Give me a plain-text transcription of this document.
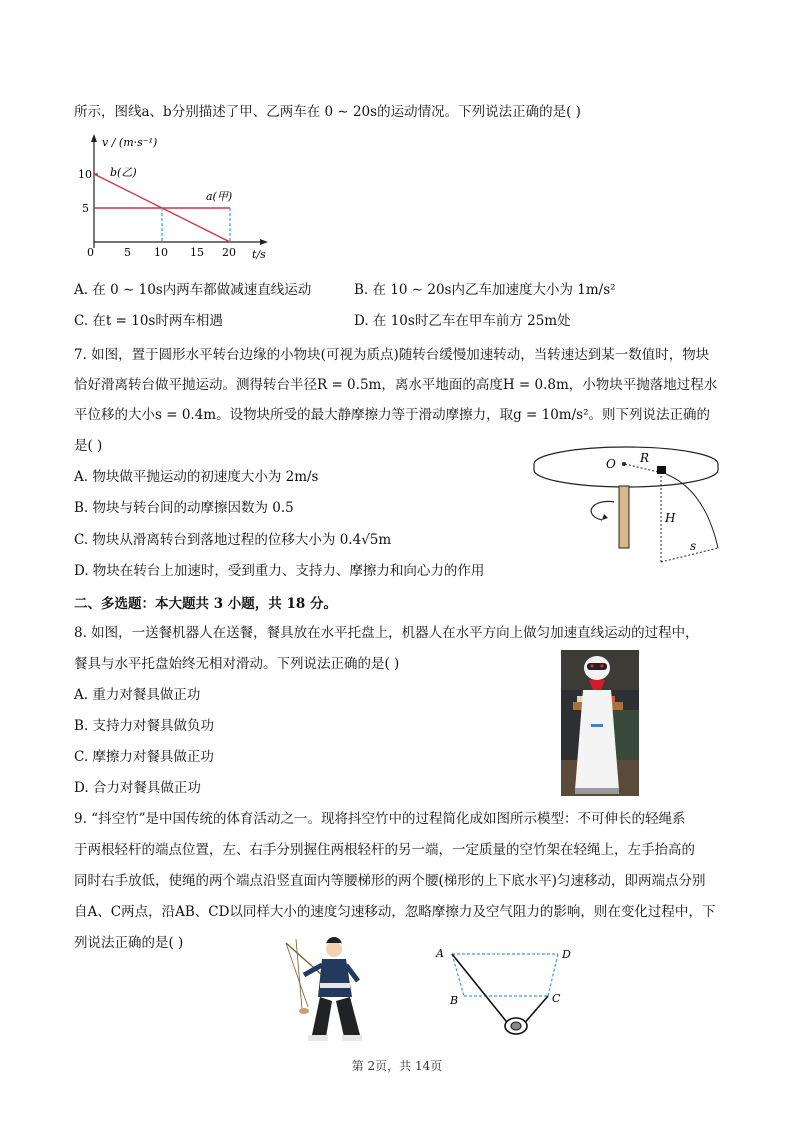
所示，图线a、b分别描述了甲、乙两车在 0 ∼ 20s的运动情况。下列说法正确的是( )
v / (m·s⁻¹)
t/s
10
5
0	5 10 15 20
b(乙)
a(甲)
A. 在 0 ∼ 10s内两车都做减速直线运动	B. 在 10 ∼ 20s内乙车加速度大小为 1m/s²
C. 在t = 10s时两车相遇	D. 在 10s时乙车在甲车前方 25m处
7. 如图，置于圆形水平转台边缘的小物块(可视为质点)随转台缓慢加速转动，当转速达到某一数值时，物块
恰好滑离转台做平抛运动。测得转台半径R = 0.5m，离水平地面的高度H = 0.8m，小物块平抛落地过程水
平位移的大小s = 0.4m。设物块所受的最大静摩擦力等于滑动摩擦力，取g = 10m/s²。则下列说法正确的
是( )
A. 物块做平抛运动的初速度大小为 2m/s
B. 物块与转台间的动摩擦因数为 0.5
C. 物块从滑离转台到落地过程的位移大小为 0.4√5m
D. 物块在转台上加速时，受到重力、支持力、摩擦力和向心力的作用
O R
H
s
二、多选题：本大题共 3 小题，共 18 分。
8. 如图，一送餐机器人在送餐，餐具放在水平托盘上，机器人在水平方向上做匀加速直线运动的过程中，
餐具与水平托盘始终无相对滑动。下列说法正确的是( )
A. 重力对餐具做正功
B. 支持力对餐具做负功
C. 摩擦力对餐具做正功
D. 合力对餐具做正功
9. “抖空竹”是中国传统的体育活动之一。现将抖空竹中的过程简化成如图所示模型：不可伸长的轻绳系
于两根轻杆的端点位置，左、右手分别握住两根轻杆的另一端，一定质量的空竹架在轻绳上，左手抬高的
同时右手放低，使绳的两个端点沿竖直面内等腰梯形的两个腰(梯形的上下底水平)匀速移动，即两端点分别
自A、C两点，沿AB、CD以同样大小的速度匀速移动，忽略摩擦力及空气阻力的影响，则在变化过程中，下
列说法正确的是( )
A
B	C
D
第 2页，共 14页
